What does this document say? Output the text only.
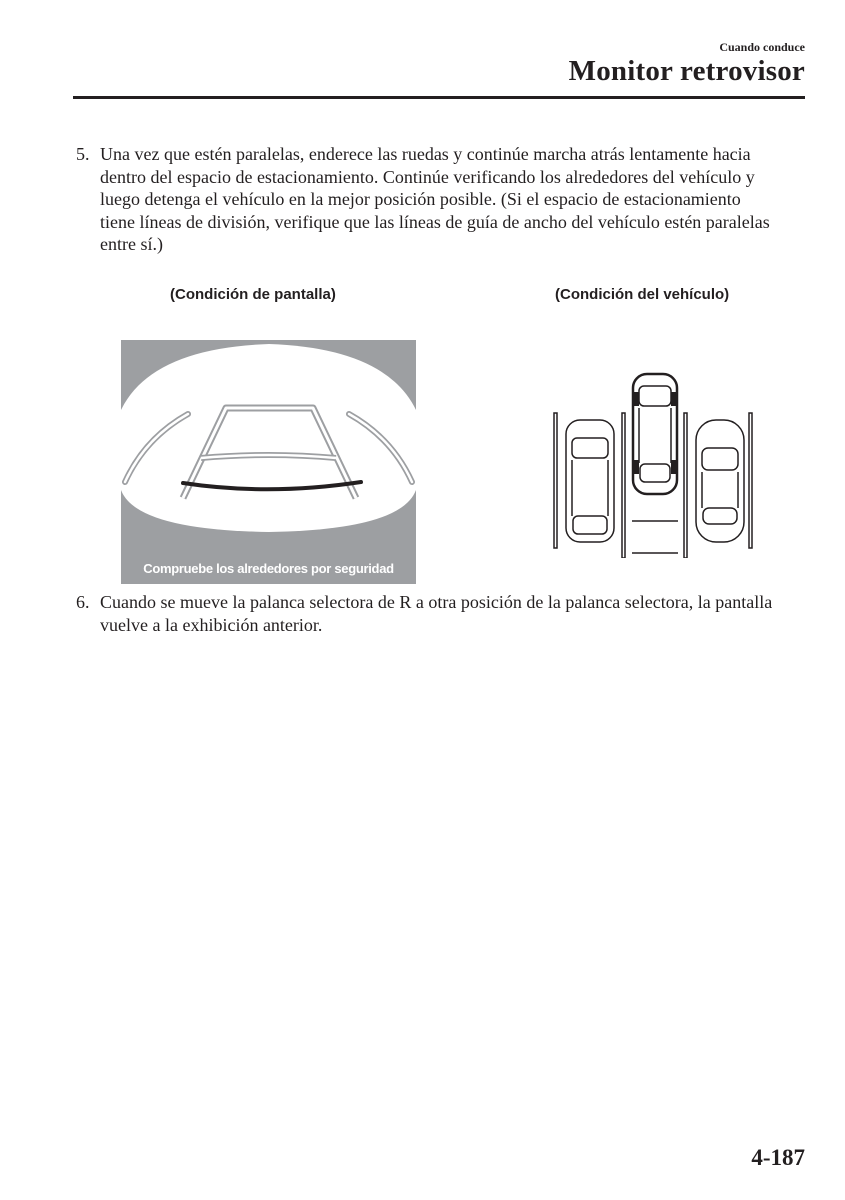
Cuando conduce
Monitor retrovisor
5. Una vez que estén paralelas, enderece las ruedas y continúe marcha atrás lentamente hacia dentro del espacio de estacionamiento. Continúe verificando los alrededores del vehículo y luego detenga el vehículo en la mejor posición posible. (Si el espacio de estacionamiento tiene líneas de división, verifique que las líneas de guía de ancho del vehículo estén paralelas entre sí.)
(Condición de pantalla)	(Condición del vehículo)
Compruebe los alrededores por seguridad
6. Cuando se mueve la palanca selectora de R a otra posición de la palanca selectora, la pantalla vuelve a la exhibición anterior.
4-187
